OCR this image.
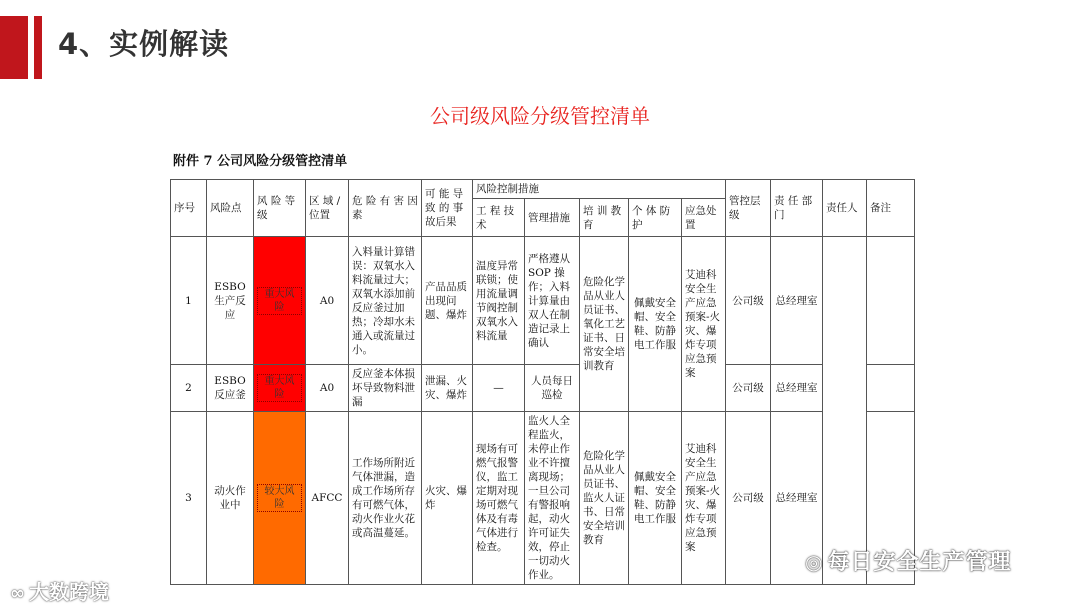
4、实例解读
公司级风险分级管控清单
附件 7 公司风险分级管控清单
序号	风险点	风 险 等级	区 域 / 位置	危 险 有 害 因素	可 能 导致 的 事故后果	风险控制措施					管控层级	责 任 部门	责任人	备注
						工 程 技术	管理措施	培 训 教育	个 体 防护	应急处置				
1	ESBO 生产反应	重大风险	A0	入料量计算错误：双氧水入料流量过大；双氧水添加前反应釜过加热；冷却水未通入或流量过小。	产品品质出现问题、爆炸	温度异常联锁；使用流量调节阀控制双氧水入料流量	严格遵从SOP 操作；入料计算量由双人在制造记录上确认	危险化学品从业人员证书、氧化工艺证书、日常安全培训教育	佩戴安全帽、安全鞋、防静电工作服	艾迪科安全生产应急预案-火灾、爆炸专项应急预案	公司级	总经理室		
2	ESBO 反应釜	重大风险	A0	反应釜本体损坏导致物料泄漏	泄漏、火灾、爆炸	—	人员每日巡检				公司级	总经理室		
3	动火作业中	较大风险	AFCC	工作场所附近气体泄漏，造成工作场所存有可燃气体，动火作业火花或高温蔓延。	火灾、爆炸	现场有可燃气报警仪，监工定期对现场可燃气体及有毒气体进行检查。	监火人全程监火，未停止作业不许擅离现场；一旦公司有警报响起，动火许可证失效，停止一切动火作业。	危险化学品从业人员证书、监火人证书、日常安全培训教育	佩戴安全帽、安全鞋、防静电工作服	艾迪科安全生产应急预案-火灾、爆炸专项应急预案	公司级	总经理室		
◎ 每日安全生产管理
∞ 大数跨境
